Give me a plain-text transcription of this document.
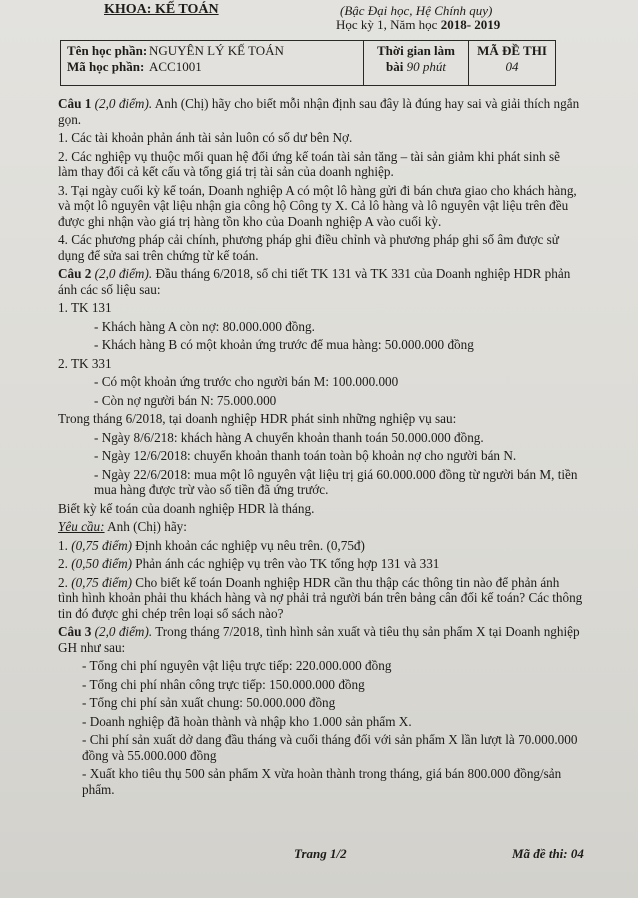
KHOA: KẾ TOÁN	(Bậc Đại học, Hệ Chính quy)
Học kỳ 1, Năm học 2018- 2019
Tên học phần: NGUYÊN LÝ KẾ TOÁN
Mã học phần: ACC1001

Thời gian làm
bài 90 phút

MÃ ĐỀ THI
04

Câu 1 (2,0 điểm). Anh (Chị) hãy cho biết mỗi nhận định sau đây là đúng hay sai và giải thích ngắn gọn.

1. Các tài khoản phản ánh tài sản luôn có số dư bên Nợ.

2. Các nghiệp vụ thuộc mối quan hệ đối ứng kế toán tài sản tăng – tài sản giảm khi phát sinh sẽ làm thay đổi cả kết cấu và tổng giá trị tài sản của doanh nghiệp.

3. Tại ngày cuối kỳ kế toán, Doanh nghiệp A có một lô hàng gửi đi bán chưa giao cho khách hàng, và một lô nguyên vật liệu nhận gia công hộ Công ty X. Cả lô hàng và lô nguyên vật liệu trên đều được ghi nhận vào giá trị hàng tồn kho của Doanh nghiệp A vào cuối kỳ.

4. Các phương pháp cải chính, phương pháp ghi điều chỉnh và phương pháp ghi số âm được sử dụng để sửa sai trên chứng từ kế toán.

Câu 2 (2,0 điểm). Đầu tháng 6/2018, sổ chi tiết TK 131 và TK 331 của Doanh nghiệp HDR phản ánh các số liệu sau:

1. TK 131

- Khách hàng A còn nợ: 80.000.000 đồng.

- Khách hàng B có một khoản ứng trước để mua hàng: 50.000.000 đồng

2. TK 331

- Có một khoản ứng trước cho người bán M: 100.000.000

- Còn nợ người bán N: 75.000.000

Trong tháng 6/2018, tại doanh nghiệp HDR phát sinh những nghiệp vụ sau:

- Ngày 8/6/218: khách hàng A chuyển khoản thanh toán 50.000.000 đồng.

- Ngày 12/6/2018: chuyển khoản thanh toán toàn bộ khoản nợ cho người bán N.

- Ngày 22/6/2018: mua một lô nguyên vật liệu trị giá 60.000.000 đồng từ người bán M, tiền mua hàng được trừ vào số tiền đã ứng trước.

Biết kỳ kế toán của doanh nghiệp HDR là tháng.

Yêu cầu: Anh (Chị) hãy:

1. (0,75 điểm) Định khoản các nghiệp vụ nêu trên. (0,75đ)

2. (0,50 điểm) Phản ánh các nghiệp vụ trên vào TK tổng hợp 131 và 331

2. (0,75 điểm) Cho biết kế toán Doanh nghiệp HDR cần thu thập các thông tin nào để phản ánh tình hình khoản phải thu khách hàng và nợ phải trả người bán trên bảng cân đối kế toán? Các thông tin đó được ghi chép trên loại sổ sách nào?

Câu 3 (2,0 điểm). Trong tháng 7/2018, tình hình sản xuất và tiêu thụ sản phẩm X tại Doanh nghiệp GH như sau:

- Tổng chi phí nguyên vật liệu trực tiếp: 220.000.000 đồng

- Tổng chi phí nhân công trực tiếp: 150.000.000 đồng

- Tổng chi phí sản xuất chung: 50.000.000 đồng

- Doanh nghiệp đã hoàn thành và nhập kho 1.000 sản phẩm X.

- Chi phí sản xuất dở dang đầu tháng và cuối tháng đối với sản phẩm X lần lượt là 70.000.000 đồng và 55.000.000 đồng

- Xuất kho tiêu thụ 500 sản phẩm X vừa hoàn thành trong tháng, giá bán 800.000 đồng/sản phẩm.

Trang 1/2	Mã đề thi: 04
